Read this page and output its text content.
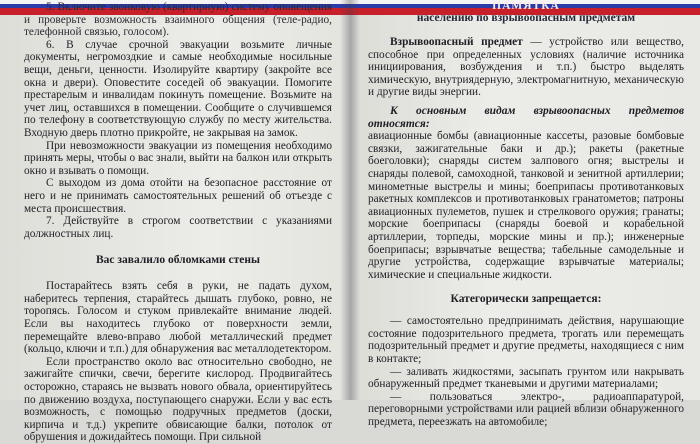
5. Включите звонковую (квартирную) систему оповещения и проверьте возможность взаимного общения (теле-радио, телефонной связью, голосом).

6. В случае срочной эвакуации возьмите личные документы, негромоздкие и самые необходимые носильные вещи, деньги, ценности. Изолируйте квартиру (закройте все окна и двери). Оповестите соседей об эвакуации. Помогите престарелым и инвалидам покинуть помещение. Возьмите на учет лиц, оставшихся в помещении. Сообщите о случившемся по телефону в соответствующую службу по месту жительства. Входную дверь плотно прикройте, не закрывая на замок.

При невозможности эвакуации из помещения необходимо принять меры, чтобы о вас знали, выйти на балкон или открыть окно и взывать о помощи.

С выходом из дома отойти на безопасное расстояние от него и не принимать самостоятельных решений об отъезде с места происшествия.

7. Действуйте в строгом соответствии с указаниями должностных лиц.

Вас завалило обломками стены

Постарайтесь взять себя в руки, не падать духом, наберитесь терпения, старайтесь дышать глубоко, ровно, не торопясь. Голосом и стуком привлекайте внимание людей. Если вы находитесь глубоко от поверхности земли, перемещайте влево-вправо любой металлический предмет (кольцо, ключи и т.п.) для обнаружения вас металлодетектором.

Если пространство около вас относительно свободно, не зажигайте спички, свечи, берегите кислород. Продвигайтесь осторожно, стараясь не вызвать нового обвала, ориентируйтесь по движению воздуха, поступающего снаружи. Если у вас есть возможность, с помощью подручных предметов (доски, кирпича и т.д.) укрепите обвисающие балки, потолок от обрушения и дожидайтесь помощи. При сильной

ПАМЯТКА
населению по взрывоопасным предметам

Взрывоопасный предмет — устройство или вещество, способное при определенных условиях (наличие источника инициирования, возбуждения и т.п.) быстро выделять химическую, внутриядерную, электромагнитную, механическую и другие виды энергии.

К основным видам взрывоопасных предметов относятся:

авиационные бомбы (авиационные кассеты, разовые бомбовые связки, зажигательные баки и др.); ракеты (ракетные боеголовки); снаряды систем залпового огня; выстрелы и снаряды полевой, самоходной, танковой и зенитной артиллерии; минометные выстрелы и мины; боеприпасы противотанковых ракетных комплексов и противотанковых гранатометов; патроны авиационных пулеметов, пушек и стрелкового оружия; гранаты; морские боеприпасы (снаряды боевой и корабельной артиллерии, торпеды, морские мины и пр.); инженерные боеприпасы; взрывчатые вещества; табельные самодельные и другие устройства, содержащие взрывчатые материалы; химические и специальные жидкости.

Категорически запрещается:

— самостоятельно предпринимать действия, нарушающие состояние подозрительного предмета, трогать или перемещать подозрительный предмет и другие предметы, находящиеся с ним в контакте;

— заливать жидкостями, засыпать грунтом или накрывать обнаруженный предмет тканевыми и другими материалами;

— пользоваться электро-, радиоаппаратурой, переговорными устройствами или рацией вблизи обнаруженного предмета, переезжать на автомобиле;
